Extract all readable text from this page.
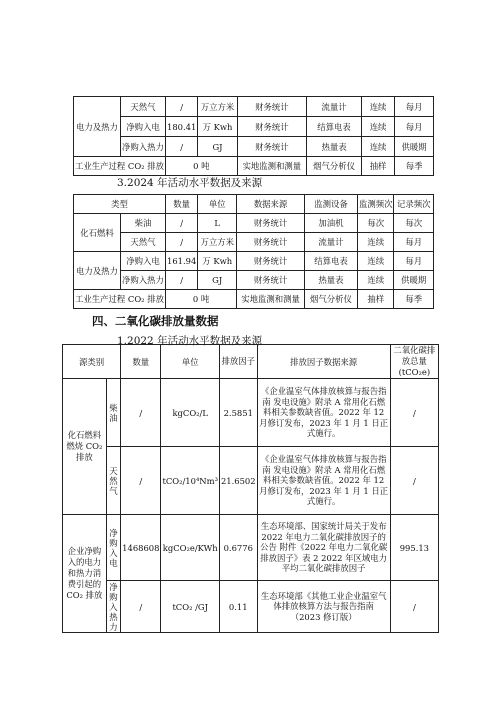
电力及热力	天然气	/	万立方米	财务统计	流量计	连续	每月
	净购入电	180.41	万 Kwh	财务统计	结算电表	连续	每月
	净购入热力	/	GJ	财务统计	热量表	连续	供暖期
工业生产过程 CO₂ 排放		0 吨		实地监测和测量	烟气分析仪	抽样	每季
3.2024 年活动水平数据及来源
类型		数量	单位	数据来源	监测设备	监测频次	记录频次
化石燃料	柴油	/	L	财务统计	加油机	每次	每次
	天然气	/	万立方米	财务统计	流量计	连续	每月
电力及热力	净购入电	161.94	万 Kwh	财务统计	结算电表	连续	每月
	净购入热力	/	GJ	财务统计	热量表	连续	供暖期
工业生产过程 CO₂ 排放		0 吨		实地监测和测量	烟气分析仪	抽样	每季
四、二氧化碳排放量数据
1.2022 年活动水平数据及来源
源类别		数量	单位	排放因子	排放因子数据来源	二氧化碳排放总量(tCO₂e)
化石燃料燃烧 CO₂ 排放	柴油	/	kgCO₂/L	2.5851	《企业温室气体排放核算与报告指南 发电设施》附录 A 常用化石燃料相关参数缺省值。2022 年 12 月修订发布，2023 年 1 月 1 日正式施行。	/
	天然气	/	tCO₂/10⁴Nm³	21.6502	《企业温室气体排放核算与报告指南 发电设施》附录 A 常用化石燃料相关参数缺省值。2022 年 12 月修订发布，2023 年 1 月 1 日正式施行。	/
企业净购入的电力和热力消费引起的 CO₂ 排放	净购入电	1468608	kgCO₂e/KWh	0.6776	生态环境部、国家统计局关于发布 2022 年电力二氧化碳排放因子的公告 附件《2022 年电力二氧化碳排放因子》表 2 2022 年区域电力平均二氧化碳排放因子	995.13
	净购入热力	/	tCO₂ /GJ	0.11	生态环境部《其他工业企业温室气体排放核算方法与报告指南（2023 修订版）	/
